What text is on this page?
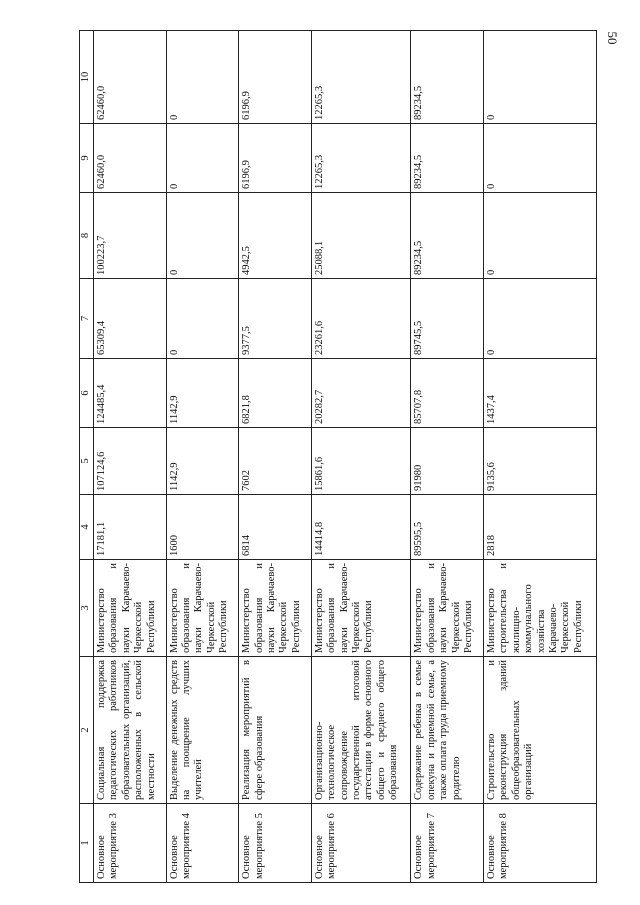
50
1	2	3	4	5	6	7	8	9	10
Основное мероприятие 3	Социальная поддержка педагогических работников образовательных организаций, расположенных в сельской местности	Министерство образования и науки Карачаево-Черкесской Республики	17181,1	107124,6	124485,4	65309,4	100223,7	62460,0	62460,0
Основное мероприятие 4	Выделение денежных средств на поощрение лучших учителей	Министерство образования и науки Карачаево-Черкесской Республики	1600	1142,9	1142,9	0	0	0	0
Основное мероприятие 5	Реализация мероприятий в сфере образования	Министерство образования и науки Карачаево-Черкесской Республики	6814	7602	6821,8	9377,5	4942,5	6196,9	6196,9
Основное мероприятие 6	Организационно-технологическое сопровождение государственной итоговой аттестации в форме основного общего и среднего общего образования	Министерство образования и науки Карачаево-Черкесской Республики	14414,8	15861,6	20282,7	23261,6	25088,1	12265,3	12265,3
Основное мероприятие 7	Содержание ребенка в семье опекуна и приемной семье, а также оплата труда приемному родителю	Министерство образования и науки Карачаево-Черкесской Республики	89595,5	91980	85707,8	89745,5	89234,5	89234,5	89234,5
Основное мероприятие 8	Строительство и реконструкция зданий общеобразовательных организаций	Министерство строительства и жилищно-коммунального хозяйства Карачаево-Черкесской Республики	2818	9135,6	1437,4	0	0	0	0
